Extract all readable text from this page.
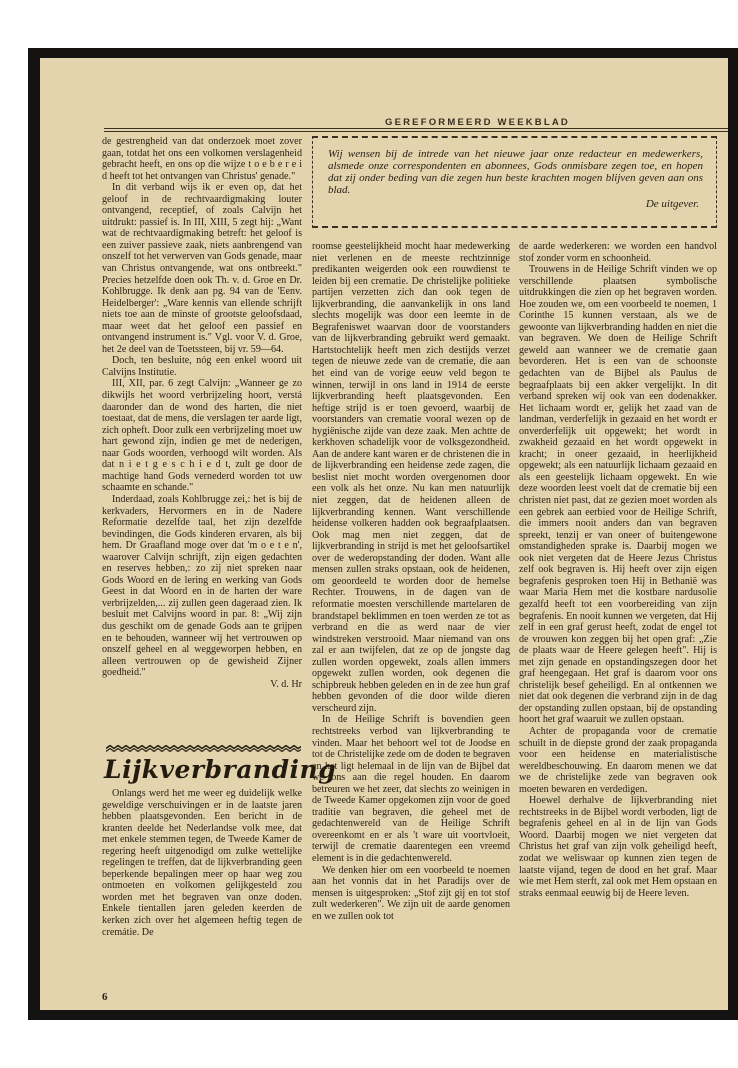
GEREFORMEERD WEEKBLAD

de gestrengheid van dat onderzoek moet zover gaan, totdat het ons een volkomen verslagenheid gebracht heeft, en ons op die wijze t o e b e r e i d heeft tot het ontvangen van Christus' genade."

In dit verband wijs ik er even op, dat het geloof in de rechtvaardigmaking louter ontvangend, receptief, of zoals Calvijn het uitdrukt: passief is. In III, XIII, 5 zegt hij: „Want wat de rechtvaardigmaking betreft: het geloof is een zuiver passieve zaak, niets aanbrengend van onszelf tot het verwerven van Gods genade, maar van Christus ontvangende, wat ons ontbreekt." Precies hetzelfde doen ook Th. v. d. Groe en Dr. Kohlbrugge. Ik denk aan pg. 94 van de 'Eenv. Heidelberger': „Ware kennis van ellende schrijft niets toe aan de minste of grootste geloofsdaad, maar weet dat het geloof een passief en ontvangend instrument is." Vgl. voor V. d. Groe, het 2e deel van de Toetssteen, bij vr. 59—64.

Doch, ten besluite, nóg een enkel woord uit Calvijns Institutie.

III, XII, par. 6 zegt Calvijn: „Wanneer ge zo dikwijls het woord verbrijzeling hoort, verstá daaronder dan de wond des harten, die niet toestaat, dat de mens, die verslagen ter aarde ligt, zich opheft. Door zulk een verbrijzeling moet uw hart gewond zijn, indien ge met de nederigen, naar Gods woorden, verhoogd wilt worden. Als dat n i e t g e s c h i e d t, zult ge door de machtige hand Gods vernederd worden tot uw schaamte en schande."

Inderdaad, zoals Kohlbrugge zei,: het is bij de kerkvaders, Hervormers en in de Nadere Reformatie dezelfde taal, het zijn dezelfde bevindingen, die Gods kinderen ervaren, als bij hem. Dr Graafland moge over dat 'm o e t e n', waarover Calvijn schrijft, zijn eigen gedachten en reserves hebben,: zo zij niet spreken naar Gods Woord en de lering en werking van Gods Geest in dat Woord en in de harten der ware verbrijzelden,... zij zullen geen dageraad zien. Ik besluit met Calvijns woord in par. 8: „Wij zijn dus geschikt om de genade Gods aan te grijpen en te behouden, wanneer wij het vertrouwen op onszelf geheel en al weggeworpen hebben, en alleen vertrouwen op de gewisheid Zijner goedheid."

V. d. Hr
Lijkverbranding

Onlangs werd het me weer eg duidelijk welke geweldige verschuivingen er in de laatste jaren hebben plaatsgevonden. Een bericht in de kranten deelde het Nederlandse volk mee, dat met enkele stemmen tegen, de Tweede Kamer de regering heeft uitgenodigd om zulke wettelijke regelingen te treffen, dat de lijkverbranding geen beperkende bepalingen meer op haar weg zou ontmoeten en volkomen gelijkgesteld zou worden met het begraven van onze doden. Enkele tientallen jaren geleden keerden de kerken zich over het algemeen heftig tegen de cremátie. De

Wij wensen bij de intrede van het nieuwe jaar onze redacteur en medewerkers, alsmede onze correspondenten en abonnees, Gods onmisbare zegen toe, en hopen dat zij onder beding van die zegen hun beste krachten mogen blijven geven aan ons blad.
De uitgever.

roomse geestelijkheid mocht haar medewerking niet verlenen en de meeste rechtzinnige predikanten weigerden ook een rouwdienst te leiden bij een crematie. De christelijke politieke partijen verzetten zich dan ook tegen de lijkverbranding, die aanvankelijk in ons land slechts mogelijk was door een leemte in de Begrafeniswet waarvan door de voorstanders van de lijkverbranding gebruikt werd gemaakt. Hartstochtelijk heeft men zich destijds verzet tegen de nieuwe zede van de crematie, die aan het eind van de vorige eeuw veld begon te winnen, terwijl in ons land in 1914 de eerste lijkverbranding heeft plaatsgevonden. Een heftige strijd is er toen gevoerd, waarbij de voorstanders van crematie vooral wezen op de hygiënische zijde van deze zaak. Men achtte de kerkhoven schadelijk voor de volksgezondheid. Aan de andere kant waren er de christenen die in de lijkverbranding een heidense zede zagen, die beslist niet mocht worden overgenomen door een volk als het onze. Nu kan men natuurlijk niet zeggen, dat de heidenen alleen de lijkverbranding kennen. Want verschillende heidense volkeren hadden ook begraafplaatsen. Ook mag men niet zeggen, dat de lijkverbranding in strijd is met het geloofsartikel over de wederopstanding der doden. Want alle mensen zullen straks opstaan, ook de heidenen, om geoordeeld te worden door de hemelse Rechter. Trouwens, in de dagen van de reformatie moesten verschillende martelaren de brandstapel beklimmen en toen werden ze tot as verbrand en die as werd naar de vier windstreken verstrooid. Maar niemand van ons zal er aan twijfelen, dat ze op de jongste dag zullen worden opgewekt, zoals allen immers opgewekt zullen worden, ook degenen die schipbreuk hebben geleden en in de zee hun graf hebben gevonden of die door wilde dieren verscheurd zijn.

In de Heilige Schrift is bovendien geen rechtstreeks verbod van lijkverbranding te vinden. Maar het behoort wel tot de Joodse en tot de Christelijke zede om de doden te begraven en het ligt helemaal in de lijn van de Bijbel dat we ons aan die regel houden. En daarom betreuren we het zeer, dat slechts zo weinigen in de Tweede Kamer opgekomen zijn voor de goed traditie van begraven, die geheel met de gedachtenwereld van de Heilige Schrift overeenkomt en er als 't ware uit voortvloeit, terwijl de crematie daarentegen een vreemd element is in die gedachtenwereld.

We denken hier om een voorbeeld te noemen aan het vonnis dat in het Paradijs over de mensen is uitgesproken: „Stof zijt gij en tot stof zult wederkeren". We zijn uit de aarde genomen en we zullen ook tot

de aarde wederkeren: we worden een handvol stof zonder vorm en schoonheid.

Trouwens in de Heilige Schrift vinden we op verschillende plaatsen symbolische uitdrukkingen die zien op het begraven worden. Hoe zouden we, om een voorbeeld te noemen, 1 Corinthe 15 kunnen verstaan, als we de gewoonte van lijkverbranding hadden en niet die van begraven. We doen de Heilige Schrift geweld aan wanneer we de crematie gaan bevorderen. Het is een van de schoonste gedachten van de Bijbel als Paulus de begraafplaats bij een akker vergelijkt. In dit verband spreken wij ook van een dodenakker. Het lichaam wordt er, gelijk het zaad van de landman, verderfelijk in gezaaid en het wordt er onverderfelijk uit opgewekt; het wordt in zwakheid gezaaid en het wordt opgewekt in kracht; in oneer gezaaid, in heerlijkheid opgewekt; als een natuurlijk lichaam gezaaid en als een geestelijk lichaam opgewekt. En wie deze woorden leest voelt dat de crematie bij een christen niet past, dat ze gezien moet worden als een gebrek aan eerbied voor de Heilige Schrift, die immers nooit anders dan van begraven spreekt, tenzij er van oneer of buitengewone omstandigheden sprake is. Daarbij mogen we ook niet vergeten dat de Heere Jezus Christus zelf ook begraven is. Hij heeft over zijn eigen begrafenis gesproken toen Hij in Bethanië was waar Maria Hem met die kostbare nardusolie gezalfd heeft tot een voorbereiding van zijn begrafenis. En nooit kunnen we vergeten, dat Hij zelf in een graf gerust heeft, zodat de engel tot de vrouwen kon zeggen bij het open graf: „Zie de plaats waar de Heere gelegen heeft". Hij is met zijn genade en opstandingszegen door het graf heengegaan. Het graf is daarom voor ons christelijk besef geheiligd. En al ontkennen we niet dat ook degenen die verbrand zijn in de dag der opstanding zullen opstaan, bij de opstanding hoort het graf waaruit we zullen opstaan.

Achter de propaganda voor de crematie schuilt in de diepste grond der zaak propaganda voor een heidense en materialistische wereldbeschouwing. En daarom menen we dat we de christelijke zede van begraven ook moeten bewaren en verdedigen.

Hoewel derhalve de lijkverbranding niet rechtstreeks in de Bijbel wordt verboden, ligt de begrafenis geheel en al in de lijn van Gods Woord. Daarbij mogen we niet vergeten dat Christus het graf van zijn volk geheiligd heeft, zodat we weliswaar op kunnen zien tegen de laatste vijand, tegen de dood en het graf. Maar wie met Hem sterft, zal ook met Hem opstaan en straks eenmaal eeuwig bij de Heere leven.

6
